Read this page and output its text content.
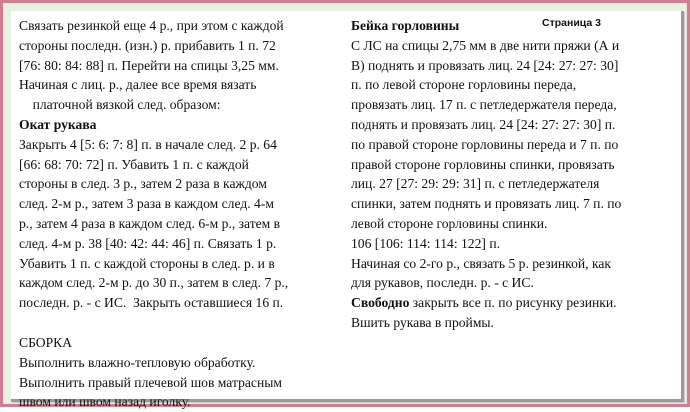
Страница 3
Связать резинкой еще 4 р., при этом с каждой
стороны последн. (изн.) р. прибавить 1 п. 72
[76: 80: 84: 88] п. Перейти на спицы 3,25 мм.
Начиная с лиц. р., далее все время вязать
платочной вязкой след. образом:
Окат рукава
Закрыть 4 [5: 6: 7: 8] п. в начале след. 2 р. 64
[66: 68: 70: 72] п. Убавить 1 п. с каждой
стороны в след. 3 р., затем 2 раза в каждом
след. 2-м р., затем 3 раза в каждом след. 4-м
р., затем 4 раза в каждом след. 6-м р., затем в
след. 4-м р. 38 [40: 42: 44: 46] п. Связать 1 р.
Убавить 1 п. с каждой стороны в след. р. и в
каждом след. 2-м р. до 30 п., затем в след. 7 р.,
последн. р. - с ИС.  Закрыть оставшиеся 16 п.
СБОРКА
Выполнить влажно-тепловую обработку.
Выполнить правый плечевой шов матрасным
швом или швом назад иголку.
Бейка горловины
С ЛС на спицы 2,75 мм в две нити пряжи (А и
В) поднять и провязать лиц. 24 [24: 27: 27: 30]
п. по левой стороне горловины переда,
провязать лиц. 17 п. с петледержателя переда,
поднять и провязать лиц. 24 [24: 27: 27: 30] п.
по правой стороне горловины переда и 7 п. по
правой стороне горловины спинки, провязать
лиц. 27 [27: 29: 29: 31] п. с петледержателя
спинки, затем поднять и провязать лиц. 7 п. по
левой стороне горловины спинки.
106 [106: 114: 114: 122] п.
Начиная со 2-го р., связать 5 р. резинкой, как
для рукавов, последн. р. - с ИС.
Свободно закрыть все п. по рисунку резинки.
Вшить рукава в проймы.
